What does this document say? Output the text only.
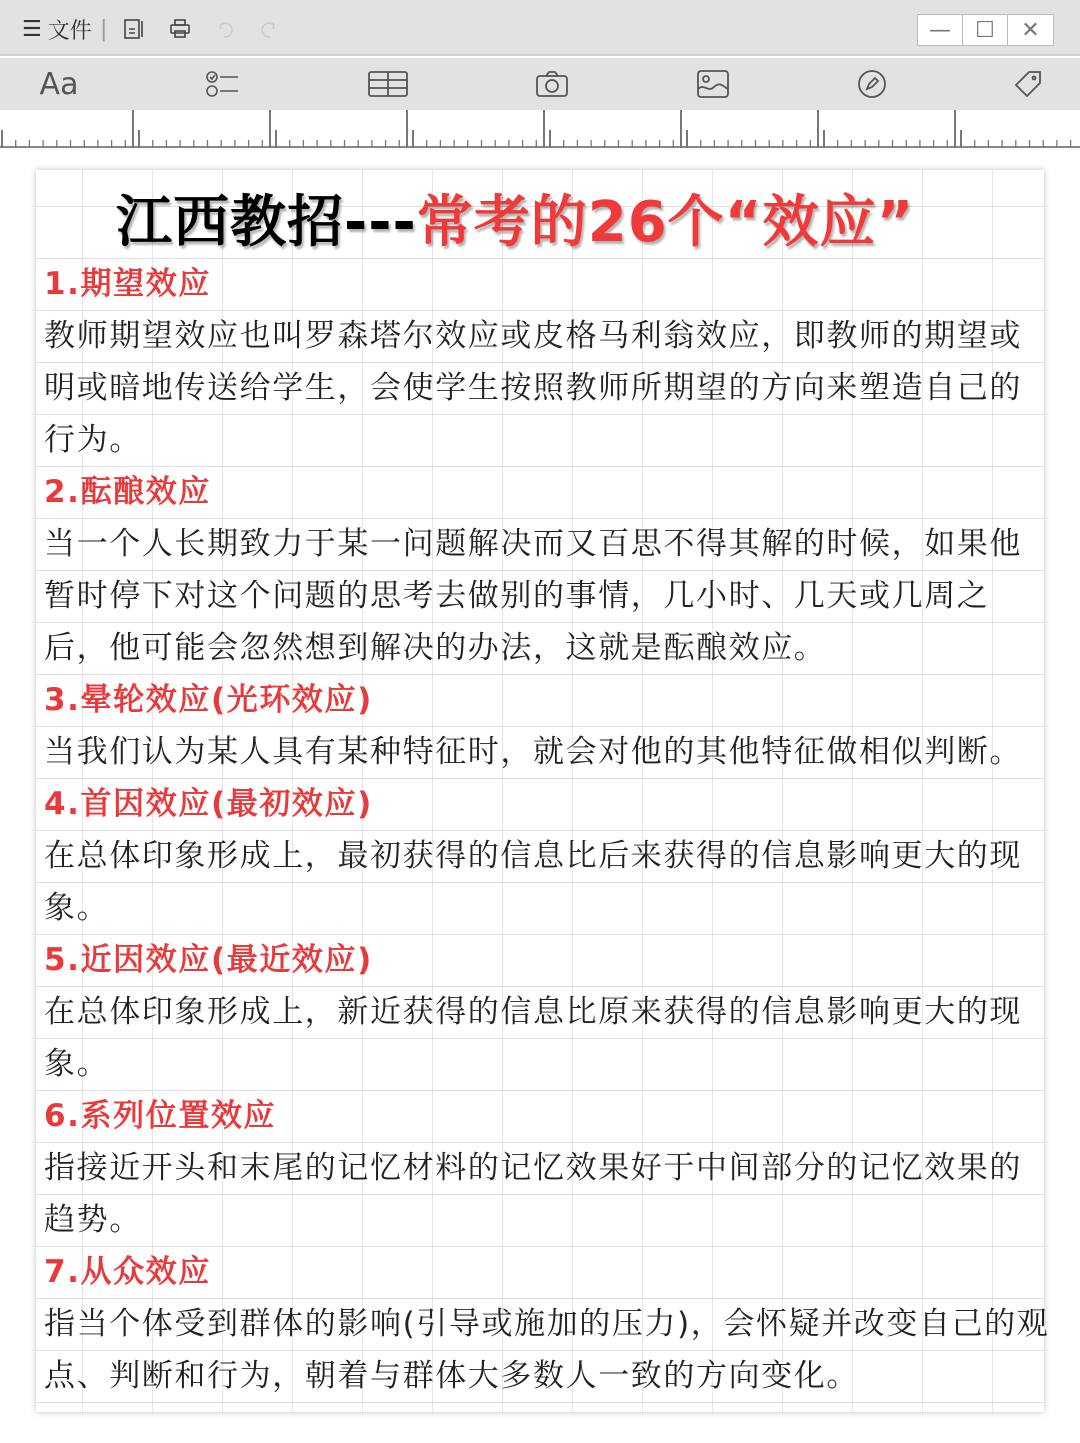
☰ 文件 |	—	☐	✕
Aa
江西教招---常考的26个“效应”
1.期望效应
教师期望效应也叫罗森塔尔效应或皮格马利翁效应，即教师的期望或
明或暗地传送给学生，会使学生按照教师所期望的方向来塑造自己的
行为。
2.酝酿效应
当一个人长期致力于某一问题解决而又百思不得其解的时候，如果他
暂时停下对这个问题的思考去做别的事情，几小时、几天或几周之
后，他可能会忽然想到解决的办法，这就是酝酿效应。
3.晕轮效应(光环效应)
当我们认为某人具有某种特征时，就会对他的其他特征做相似判断。
4.首因效应(最初效应)
在总体印象形成上，最初获得的信息比后来获得的信息影响更大的现
象。
5.近因效应(最近效应)
在总体印象形成上，新近获得的信息比原来获得的信息影响更大的现
象。
6.系列位置效应
指接近开头和末尾的记忆材料的记忆效果好于中间部分的记忆效果的
趋势。
7.从众效应
指当个体受到群体的影响(引导或施加的压力)，会怀疑并改变自己的观
点、判断和行为，朝着与群体大多数人一致的方向变化。
